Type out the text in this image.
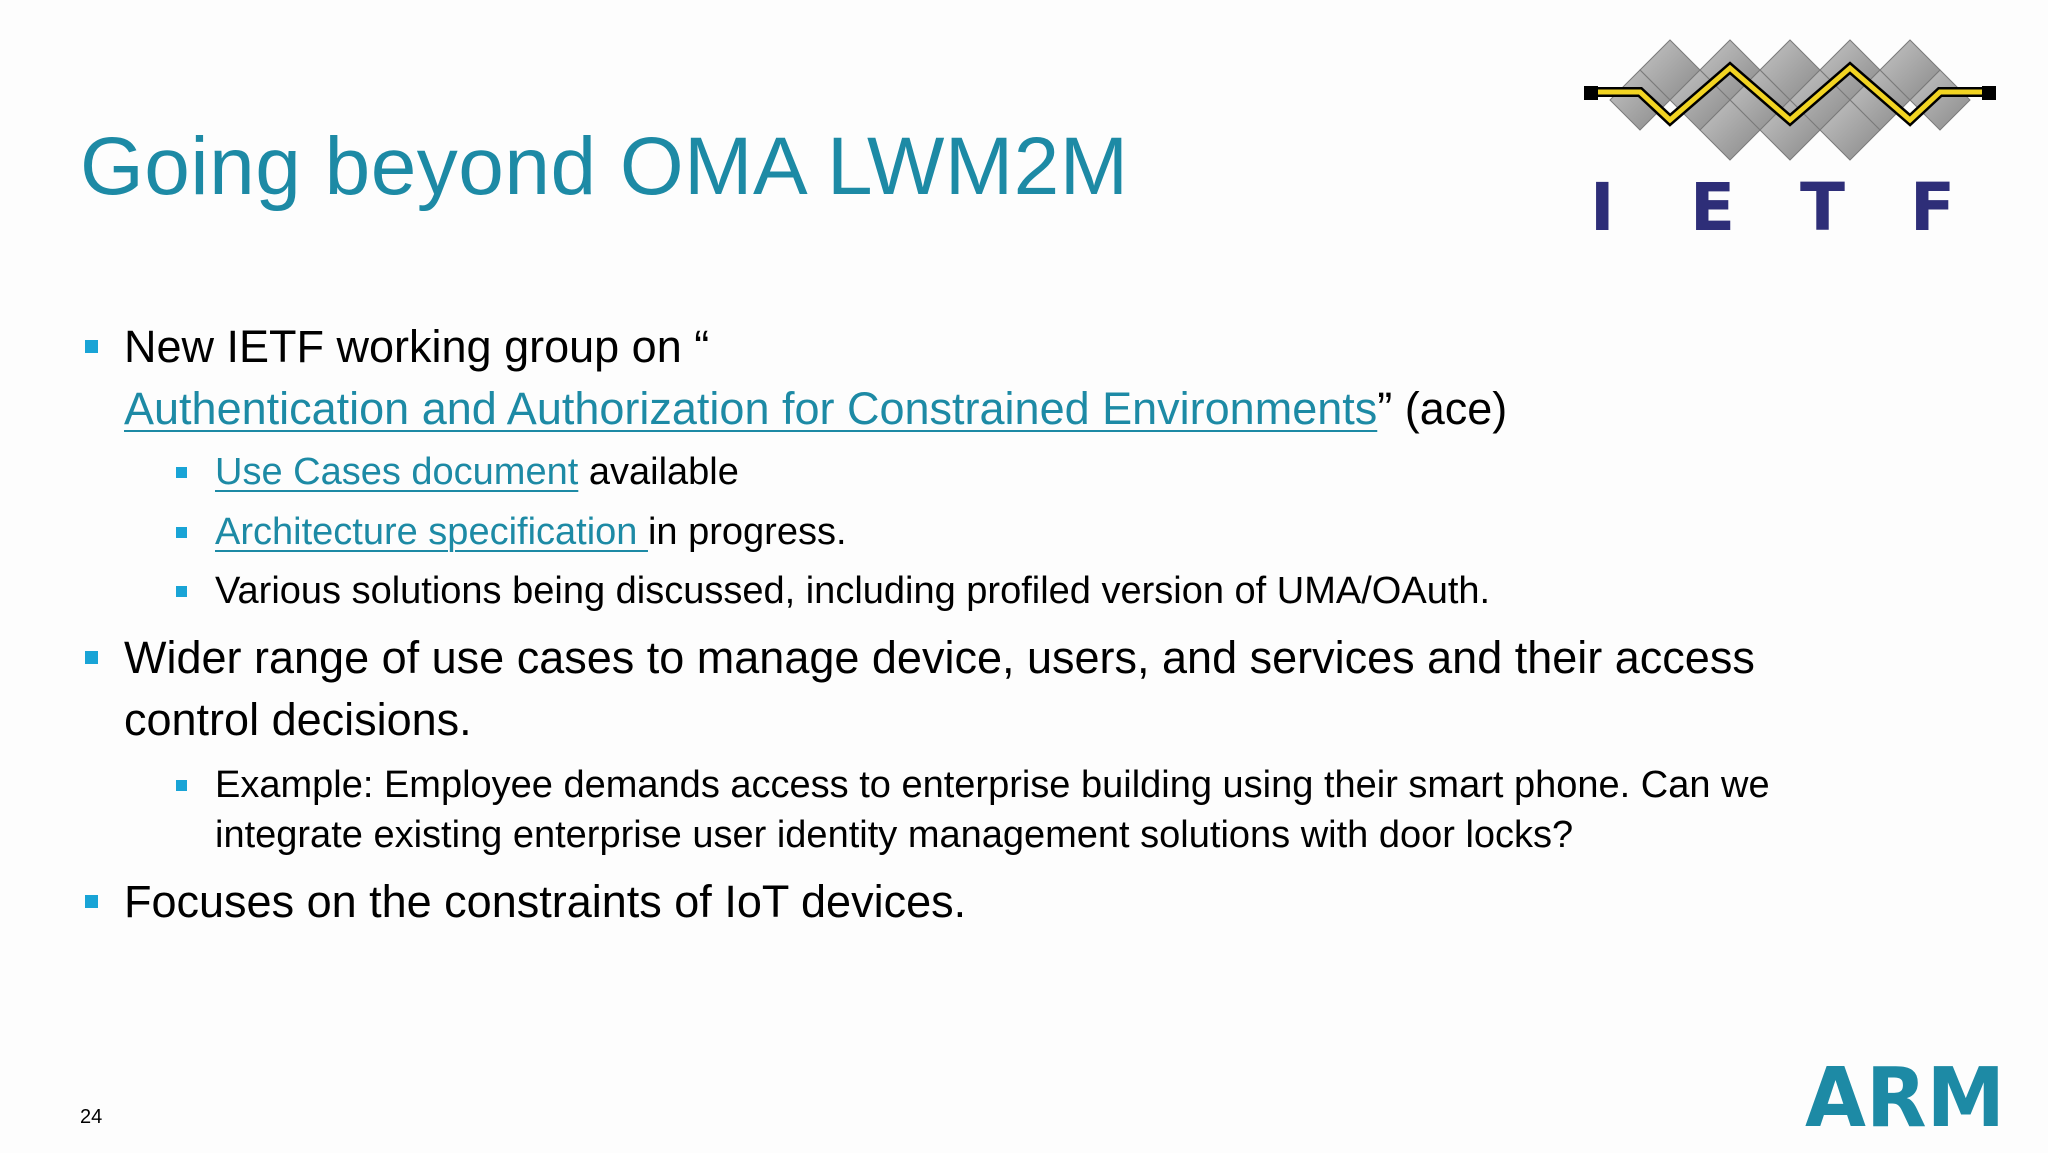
Going beyond OMA LWM2M	I E T F
New IETF working group on “
Authentication and Authorization for Constrained Environments” (ace)
Use Cases document available
Architecture specification in progress.
Various solutions being discussed, including profiled version of UMA/OAuth.
Wider range of use cases to manage device, users, and services and their access
control decisions.
Example: Employee demands access to enterprise building using their smart phone. Can we
integrate existing enterprise user identity management solutions with door locks?
Focuses on the constraints of IoT devices.
24	ARM
